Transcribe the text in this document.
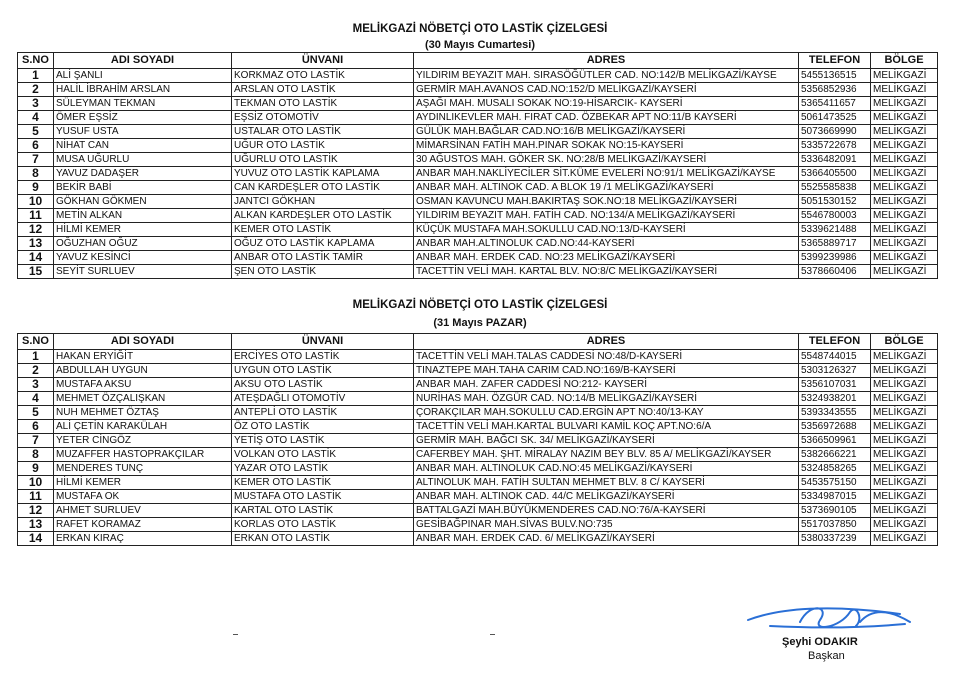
MELİKGAZİ NÖBETÇİ OTO LASTİK ÇİZELGESİ
(30 Mayıs Cumartesi)
S.NO	ADI SOYADI	ÜNVANI	ADRES	TELEFON	BÖLGE
1	ALİ ŞANLI	KORKMAZ OTO LASTİK	YILDIRIM BEYAZIT MAH. SIRASÖĞÜTLER CAD. NO:142/B MELİKGAZİ/KAYSE	5455136515	MELİKGAZİ
2	HALİL İBRAHİM ARSLAN	ARSLAN OTO LASTİK	GERMİR MAH.AVANOS CAD.NO:152/D MELİKGAZİ/KAYSERİ	5356852936	MELİKGAZİ
3	SÜLEYMAN TEKMAN	TEKMAN OTO LASTİK	AŞAĞI MAH. MUSALI SOKAK NO:19-HİSARCIK- KAYSERİ	5365411657	MELİKGAZİ
4	ÖMER EŞSİZ	EŞSİZ OTOMOTİV	AYDINLIKEVLER MAH. FIRAT CAD. ÖZBEKAR APT NO:11/B KAYSERİ	5061473525	MELİKGAZİ
5	YUSUF USTA	USTALAR OTO LASTİK	GÜLÜK MAH.BAĞLAR CAD.NO:16/B MELİKGAZİ/KAYSERİ	5073669990	MELİKGAZİ
6	NİHAT CAN	UĞUR OTO LASTİK	MİMARSİNAN FATİH MAH.PINAR SOKAK NO:15-KAYSERİ	5335722678	MELİKGAZİ
7	MUSA UĞURLU	UĞURLU OTO LASTİK	30 AĞUSTOS MAH. GÖKER SK. NO:28/B MELİKGAZİ/KAYSERİ	5336482091	MELİKGAZİ
8	YAVUZ DADAŞER	YUVUZ OTO LASTİK KAPLAMA	ANBAR MAH.NAKLİYECİLER SİT.KÜME EVELERİ NO:91/1 MELİKGAZİ/KAYSE	5366405500	MELİKGAZİ
9	BEKİR BABİ	CAN KARDEŞLER OTO LASTİK	ANBAR MAH. ALTINOK CAD. A BLOK 19 /1 MELİKGAZİ/KAYSERİ	5525585838	MELİKGAZİ
10	GÖKHAN GÖKMEN	JANTCI GÖKHAN	OSMAN KAVUNCU MAH.BAKIRTAŞ SOK.NO:18 MELİKGAZİ/KAYSERİ	5051530152	MELİKGAZİ
11	METİN ALKAN	ALKAN KARDEŞLER OTO LASTİK	YILDIRIM BEYAZIT MAH. FATİH CAD. NO:134/A MELİKGAZİ/KAYSERİ	5546780003	MELİKGAZİ
12	HİLMİ KEMER	KEMER OTO LASTİK	KÜÇÜK MUSTAFA MAH.SOKULLU CAD.NO:13/D-KAYSERİ	5339621488	MELİKGAZİ
13	OĞUZHAN OĞUZ	OĞUZ OTO LASTİK KAPLAMA	ANBAR MAH.ALTINOLUK CAD.NO:44-KAYSERİ	5365889717	MELİKGAZİ
14	YAVUZ KESİNCİ	ANBAR OTO LASTİK TAMİR	ANBAR MAH. ERDEK CAD. NO:23 MELİKGAZİ/KAYSERİ	5399239986	MELİKGAZİ
15	SEYİT SURLUEV	ŞEN OTO LASTİK	TACETTİN VELİ MAH. KARTAL BLV. NO:8/C MELİKGAZİ/KAYSERİ	5378660406	MELİKGAZİ
MELİKGAZİ NÖBETÇİ OTO LASTİK ÇİZELGESİ
(31 Mayıs PAZAR)
S.NO	ADI SOYADI	ÜNVANI	ADRES	TELEFON	BÖLGE
1	HAKAN ERYİĞİT	ERCİYES OTO LASTİK	TACETTİN VELİ MAH.TALAS CADDESİ NO:48/D-KAYSERİ	5548744015	MELİKGAZİ
2	ABDULLAH UYGUN	UYGUN OTO LASTİK	TINAZTEPE MAH.TAHA CARIM CAD.NO:169/B-KAYSERİ	5303126327	MELİKGAZİ
3	MUSTAFA AKSU	AKSU OTO LASTİK	ANBAR MAH. ZAFER CADDESİ NO:212- KAYSERİ	5356107031	MELİKGAZİ
4	MEHMET ÖZÇALIŞKAN	ATEŞDAĞLI OTOMOTİV	NURİHAS MAH. ÖZGÜR CAD. NO:14/B MELİKGAZİ/KAYSERİ	5324938201	MELİKGAZİ
5	NUH MEHMET ÖZTAŞ	ANTEPLİ OTO LASTİK	ÇORAKÇILAR MAH.SOKULLU CAD.ERGİN APT NO:40/13-KAY	5393343555	MELİKGAZİ
6	ALİ ÇETİN KARAKÜLAH	ÖZ OTO LASTİK	TACETTİN VELİ MAH.KARTAL BULVARI KAMİL KOÇ APT.NO:6/A	5356972688	MELİKGAZİ
7	YETER CİNGÖZ	YETİŞ OTO LASTİK	GERMİR MAH. BAĞCI SK. 34/ MELİKGAZİ/KAYSERİ	5366509961	MELİKGAZİ
8	MUZAFFER HASTOPRAKÇILAR	VOLKAN OTO LASTİK	CAFERBEY MAH. ŞHT. MİRALAY NAZIM BEY BLV. 85 A/ MELİKGAZİ/KAYSER	5382666221	MELİKGAZİ
9	MENDERES TUNÇ	YAZAR OTO LASTİK	ANBAR MAH. ALTINOLUK CAD.NO:45 MELİKGAZİ/KAYSERİ	5324858265	MELİKGAZİ
10	HİLMİ KEMER	KEMER OTO LASTİK	ALTINOLUK MAH. FATİH SULTAN MEHMET BLV. 8 C/ KAYSERİ	5453575150	MELİKGAZİ
11	MUSTAFA OK	MUSTAFA OTO LASTİK	ANBAR MAH. ALTINOK CAD. 44/C MELİKGAZİ/KAYSERİ	5334987015	MELİKGAZİ
12	AHMET SURLUEV	KARTAL OTO LASTİK	BATTALGAZİ MAH.BÜYÜKMENDERES CAD.NO:76/A-KAYSERİ	5373690105	MELİKGAZİ
13	RAFET KORAMAZ	KORLAS OTO LASTİK	GESİBAĞPINAR MAH.SİVAS BULV.NO:735	5517037850	MELİKGAZİ
14	ERKAN KIRAÇ	ERKAN OTO LASTİK	ANBAR MAH. ERDEK CAD. 6/ MELİKGAZİ/KAYSERİ	5380337239	MELİKGAZİ
Şeyhi ODAKIR
Başkan
